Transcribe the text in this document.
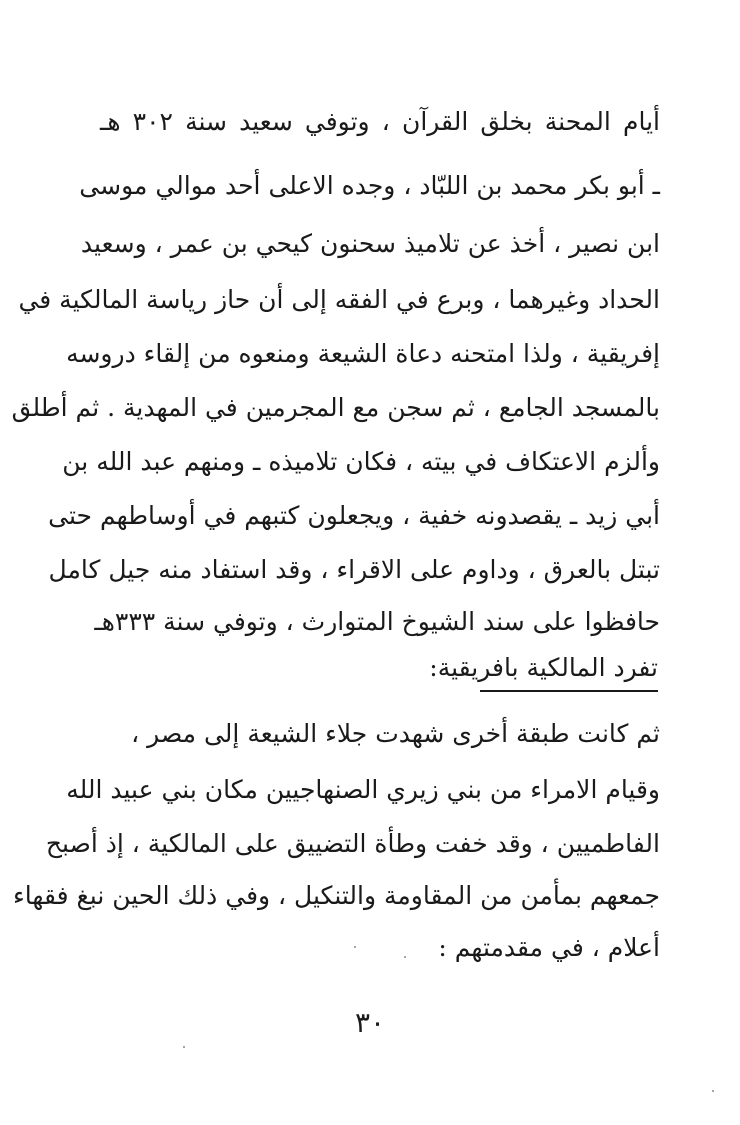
أيام المحنة بخلق القرآن ، وتوفي سعيد سنة ٣٠٢ هـ
ـ أبو بكر محمد بن اللبّاد ، وجده الاعلى أحد موالي موسى
ابن نصير ، أخذ عن تلاميذ سحنون كيحي بن عمر ، وسعيد
الحداد وغيرهما ، وبرع في الفقه إلى أن حاز رياسة المالكية في
إفريقية ، ولذا امتحنه دعاة الشيعة ومنعوه من إلقاء دروسه
بالمسجد الجامع ، ثم سجن مع المجرمين في المهدية . ثم أطلق
وألزم الاعتكاف في بيته ، فكان تلاميذه ـ ومنهم عبد الله بن
أبي زيد ـ يقصدونه خفية ، ويجعلون كتبهم في أوساطهم حتى
تبتل بالعرق ، وداوم على الاقراء ، وقد استفاد منه جيل كامل
حافظوا على سند الشيوخ المتوارث ، وتوفي سنة ٣٣٣هـ
تفرد المالكية بافريقية:
ثم كانت طبقة أخرى شهدت جلاء الشيعة إلى مصر ،
وقيام الامراء من بني زيري الصنهاجيين مكان بني عبيد الله
الفاطميين ، وقد خفت وطأة التضييق على المالكية ، إذ أصبح
جمعهم بمأمن من المقاومة والتنكيل ، وفي ذلك الحين نبغ فقهاء
أعلام ، في مقدمتهم :
٣٠
